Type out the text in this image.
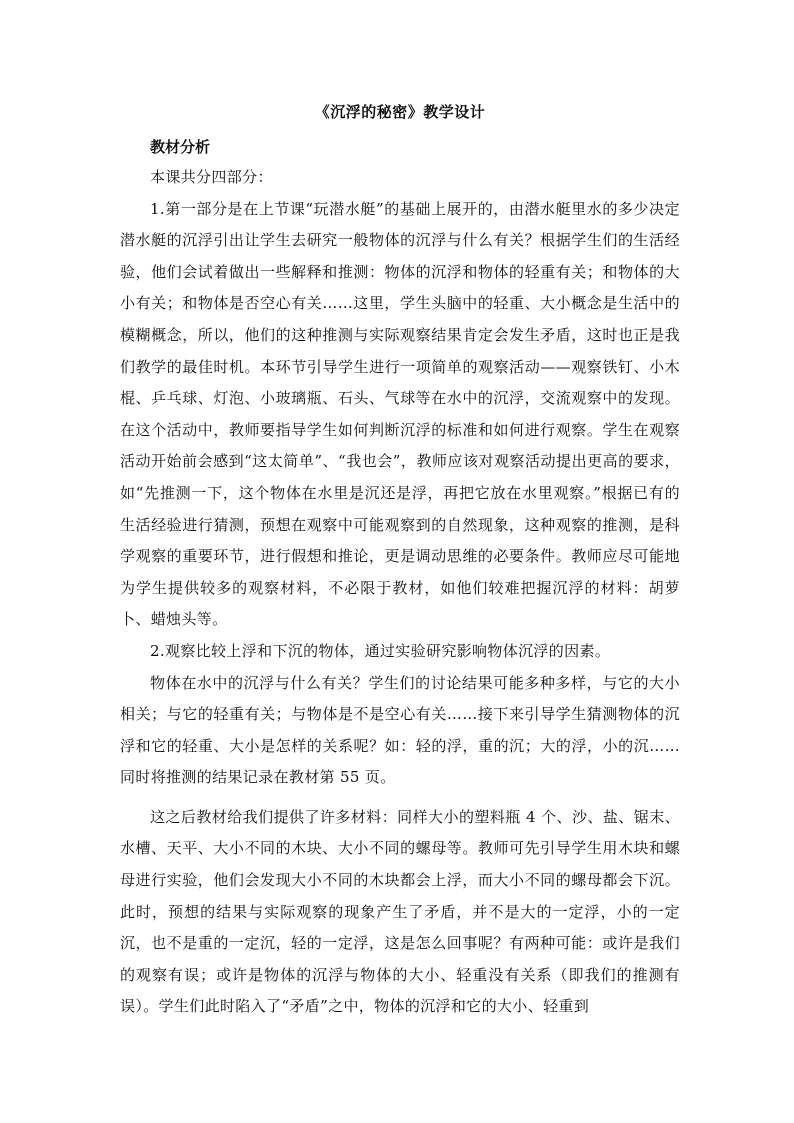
《沉浮的秘密》教学设计

教材分析

本课共分四部分：

1.第一部分是在上节课“玩潜水艇”的基础上展开的，由潜水艇里水的多少决定潜水艇的沉浮引出让学生去研究一般物体的沉浮与什么有关？根据学生们的生活经验，他们会试着做出一些解释和推测：物体的沉浮和物体的轻重有关；和物体的大小有关；和物体是否空心有关……这里，学生头脑中的轻重、大小概念是生活中的模糊概念，所以，他们的这种推测与实际观察结果肯定会发生矛盾，这时也正是我们教学的最佳时机。本环节引导学生进行一项简单的观察活动——观察铁钉、小木棍、乒乓球、灯泡、小玻璃瓶、石头、气球等在水中的沉浮，交流观察中的发现。在这个活动中，教师要指导学生如何判断沉浮的标准和如何进行观察。学生在观察活动开始前会感到“这太简单”、“我也会”，教师应该对观察活动提出更高的要求，如“先推测一下，这个物体在水里是沉还是浮，再把它放在水里观察。”根据已有的生活经验进行猜测，预想在观察中可能观察到的自然现象，这种观察的推测，是科学观察的重要环节，进行假想和推论，更是调动思维的必要条件。教师应尽可能地为学生提供较多的观察材料，不必限于教材，如他们较难把握沉浮的材料：胡萝卜、蜡烛头等。

2.观察比较上浮和下沉的物体，通过实验研究影响物体沉浮的因素。

物体在水中的沉浮与什么有关？学生们的讨论结果可能多种多样，与它的大小相关；与它的轻重有关；与物体是不是空心有关……接下来引导学生猜测物体的沉浮和它的轻重、大小是怎样的关系呢？如：轻的浮，重的沉；大的浮，小的沉……同时将推测的结果记录在教材第 55 页。

这之后教材给我们提供了许多材料：同样大小的塑料瓶 4 个、沙、盐、锯末、水槽、天平、大小不同的木块、大小不同的螺母等。教师可先引导学生用木块和螺母进行实验，他们会发现大小不同的木块都会上浮，而大小不同的螺母都会下沉。此时，预想的结果与实际观察的现象产生了矛盾，并不是大的一定浮，小的一定沉，也不是重的一定沉，轻的一定浮，这是怎么回事呢？有两种可能：或许是我们的观察有误；或许是物体的沉浮与物体的大小、轻重没有关系（即我们的推测有误）。学生们此时陷入了“矛盾”之中，物体的沉浮和它的大小、轻重到
